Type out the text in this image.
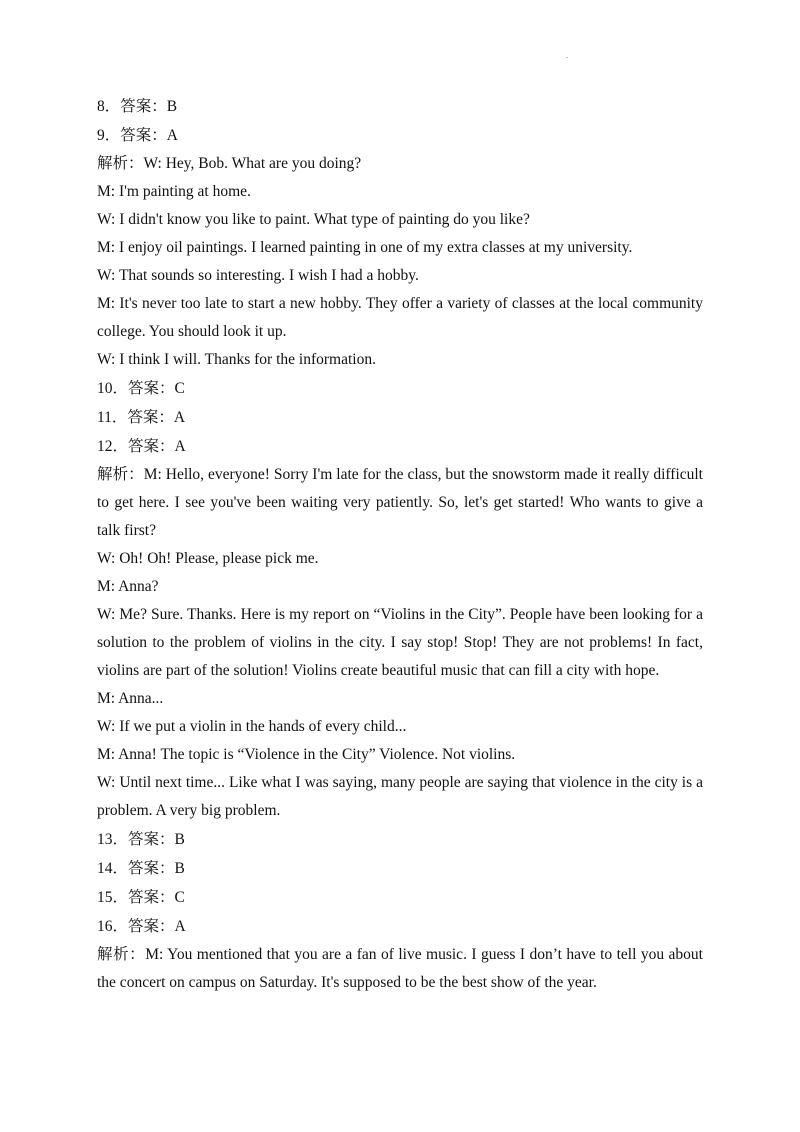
.
8．答案：B
9．答案：A
解析：W: Hey, Bob. What are you doing?
M: I'm painting at home.
W: I didn't know you like to paint. What type of painting do you like?
M: I enjoy oil paintings. I learned painting in one of my extra classes at my university.
W: That sounds so interesting. I wish I had a hobby.
M: It's never too late to start a new hobby. They offer a variety of classes at the local community college. You should look it up.
W: I think I will. Thanks for the information.
10．答案：C
11．答案：A
12．答案：A
解析：M: Hello, everyone! Sorry I'm late for the class, but the snowstorm made it really difficult to get here. I see you've been waiting very patiently. So, let's get started! Who wants to give a talk first?
W: Oh! Oh! Please, please pick me.
M: Anna?
W: Me? Sure. Thanks. Here is my report on “Violins in the City”. People have been looking for a solution to the problem of violins in the city. I say stop! Stop! They are not problems! In fact, violins are part of the solution! Violins create beautiful music that can fill a city with hope.
M: Anna...
W: If we put a violin in the hands of every child...
M: Anna! The topic is “Violence in the City” Violence. Not violins.
W: Until next time... Like what I was saying, many people are saying that violence in the city is a problem. A very big problem.
13．答案：B
14．答案：B
15．答案：C
16．答案：A
解析：M: You mentioned that you are a fan of live music. I guess I don’t have to tell you about the concert on campus on Saturday. It's supposed to be the best show of the year.
